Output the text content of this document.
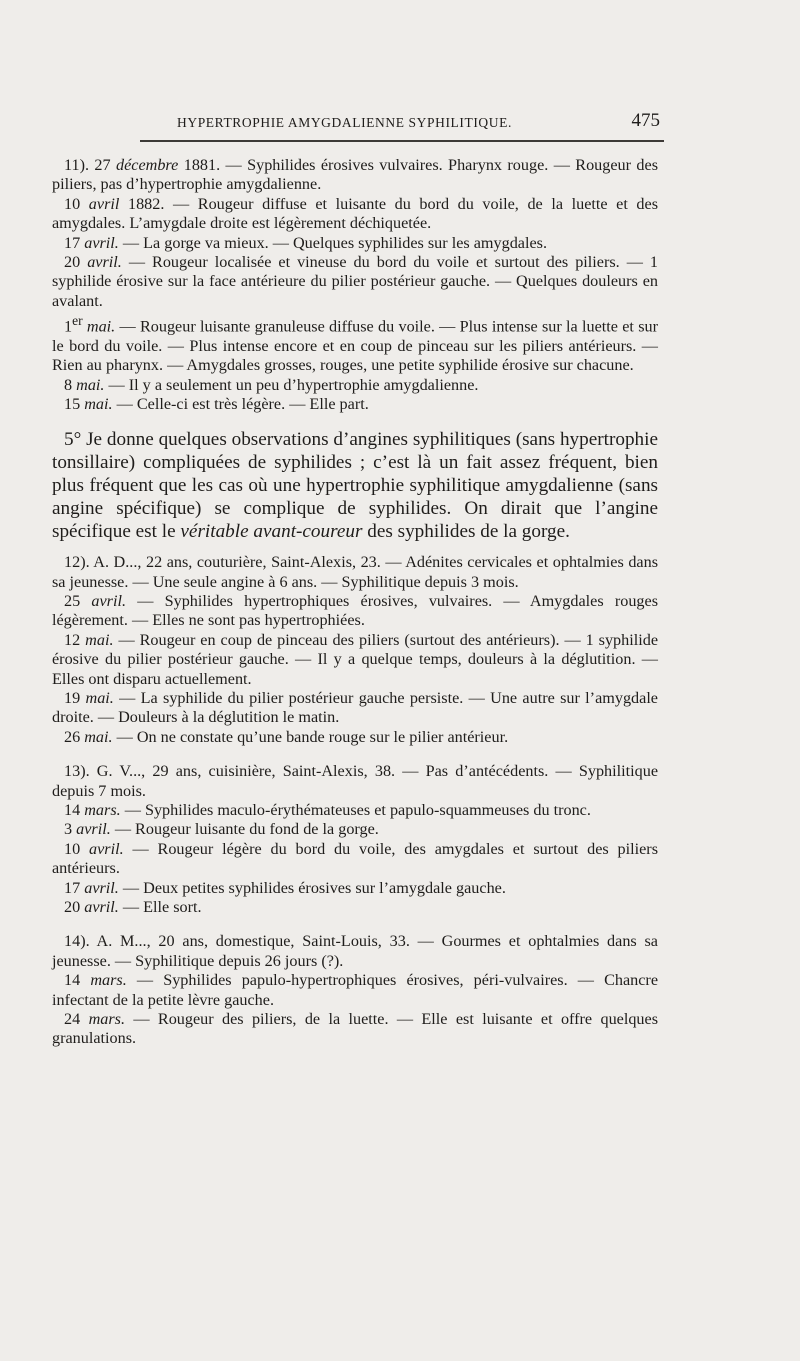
HYPERTROPHIE AMYGDALIENNE SYPHILITIQUE.	475

11). 27 décembre 1881. — Syphilides érosives vulvaires. Pharynx rouge. — Rougeur des piliers, pas d’hypertrophie amygdalienne.

10 avril 1882. — Rougeur diffuse et luisante du bord du voile, de la luette et des amygdales. L’amygdale droite est légèrement déchiquetée.

17 avril. — La gorge va mieux. — Quelques syphilides sur les amygdales.

20 avril. — Rougeur localisée et vineuse du bord du voile et surtout des piliers. — 1 syphilide érosive sur la face antérieure du pilier postérieur gauche. — Quelques douleurs en avalant.

1er mai. — Rougeur luisante granuleuse diffuse du voile. — Plus intense sur la luette et sur le bord du voile. — Plus intense encore et en coup de pinceau sur les piliers antérieurs. — Rien au pharynx. — Amygdales grosses, rouges, une petite syphilide érosive sur chacune.

8 mai. — Il y a seulement un peu d’hypertrophie amygdalienne.

15 mai. — Celle-ci est très légère. — Elle part.

5° Je donne quelques observations d’angines syphilitiques (sans hypertrophie tonsillaire) compliquées de syphilides ; c’est là un fait assez fréquent, bien plus fréquent que les cas où une hypertrophie syphilitique amygdalienne (sans angine spécifique) se complique de syphilides. On dirait que l’angine spécifique est le véritable avant-coureur des syphilides de la gorge.

12). A. D..., 22 ans, couturière, Saint-Alexis, 23. — Adénites cervicales et ophtalmies dans sa jeunesse. — Une seule angine à 6 ans. — Syphilitique depuis 3 mois.

25 avril. — Syphilides hypertrophiques érosives, vulvaires. — Amygdales rouges légèrement. — Elles ne sont pas hypertrophiées.

12 mai. — Rougeur en coup de pinceau des piliers (surtout des antérieurs). — 1 syphilide érosive du pilier postérieur gauche. — Il y a quelque temps, douleurs à la déglutition. — Elles ont disparu actuellement.

19 mai. — La syphilide du pilier postérieur gauche persiste. — Une autre sur l’amygdale droite. — Douleurs à la déglutition le matin.

26 mai. — On ne constate qu’une bande rouge sur le pilier antérieur.

13). G. V..., 29 ans, cuisinière, Saint-Alexis, 38. — Pas d’antécédents. — Syphilitique depuis 7 mois.

14 mars. — Syphilides maculo-érythémateuses et papulo-squammeuses du tronc.

3 avril. — Rougeur luisante du fond de la gorge.

10 avril. — Rougeur légère du bord du voile, des amygdales et surtout des piliers antérieurs.

17 avril. — Deux petites syphilides érosives sur l’amygdale gauche.

20 avril. — Elle sort.

14). A. M..., 20 ans, domestique, Saint-Louis, 33. — Gourmes et ophtalmies dans sa jeunesse. — Syphilitique depuis 26 jours (?).

14 mars. — Syphilides papulo-hypertrophiques érosives, péri-vulvaires. — Chancre infectant de la petite lèvre gauche.

24 mars. — Rougeur des piliers, de la luette. — Elle est luisante et offre quelques granulations.
